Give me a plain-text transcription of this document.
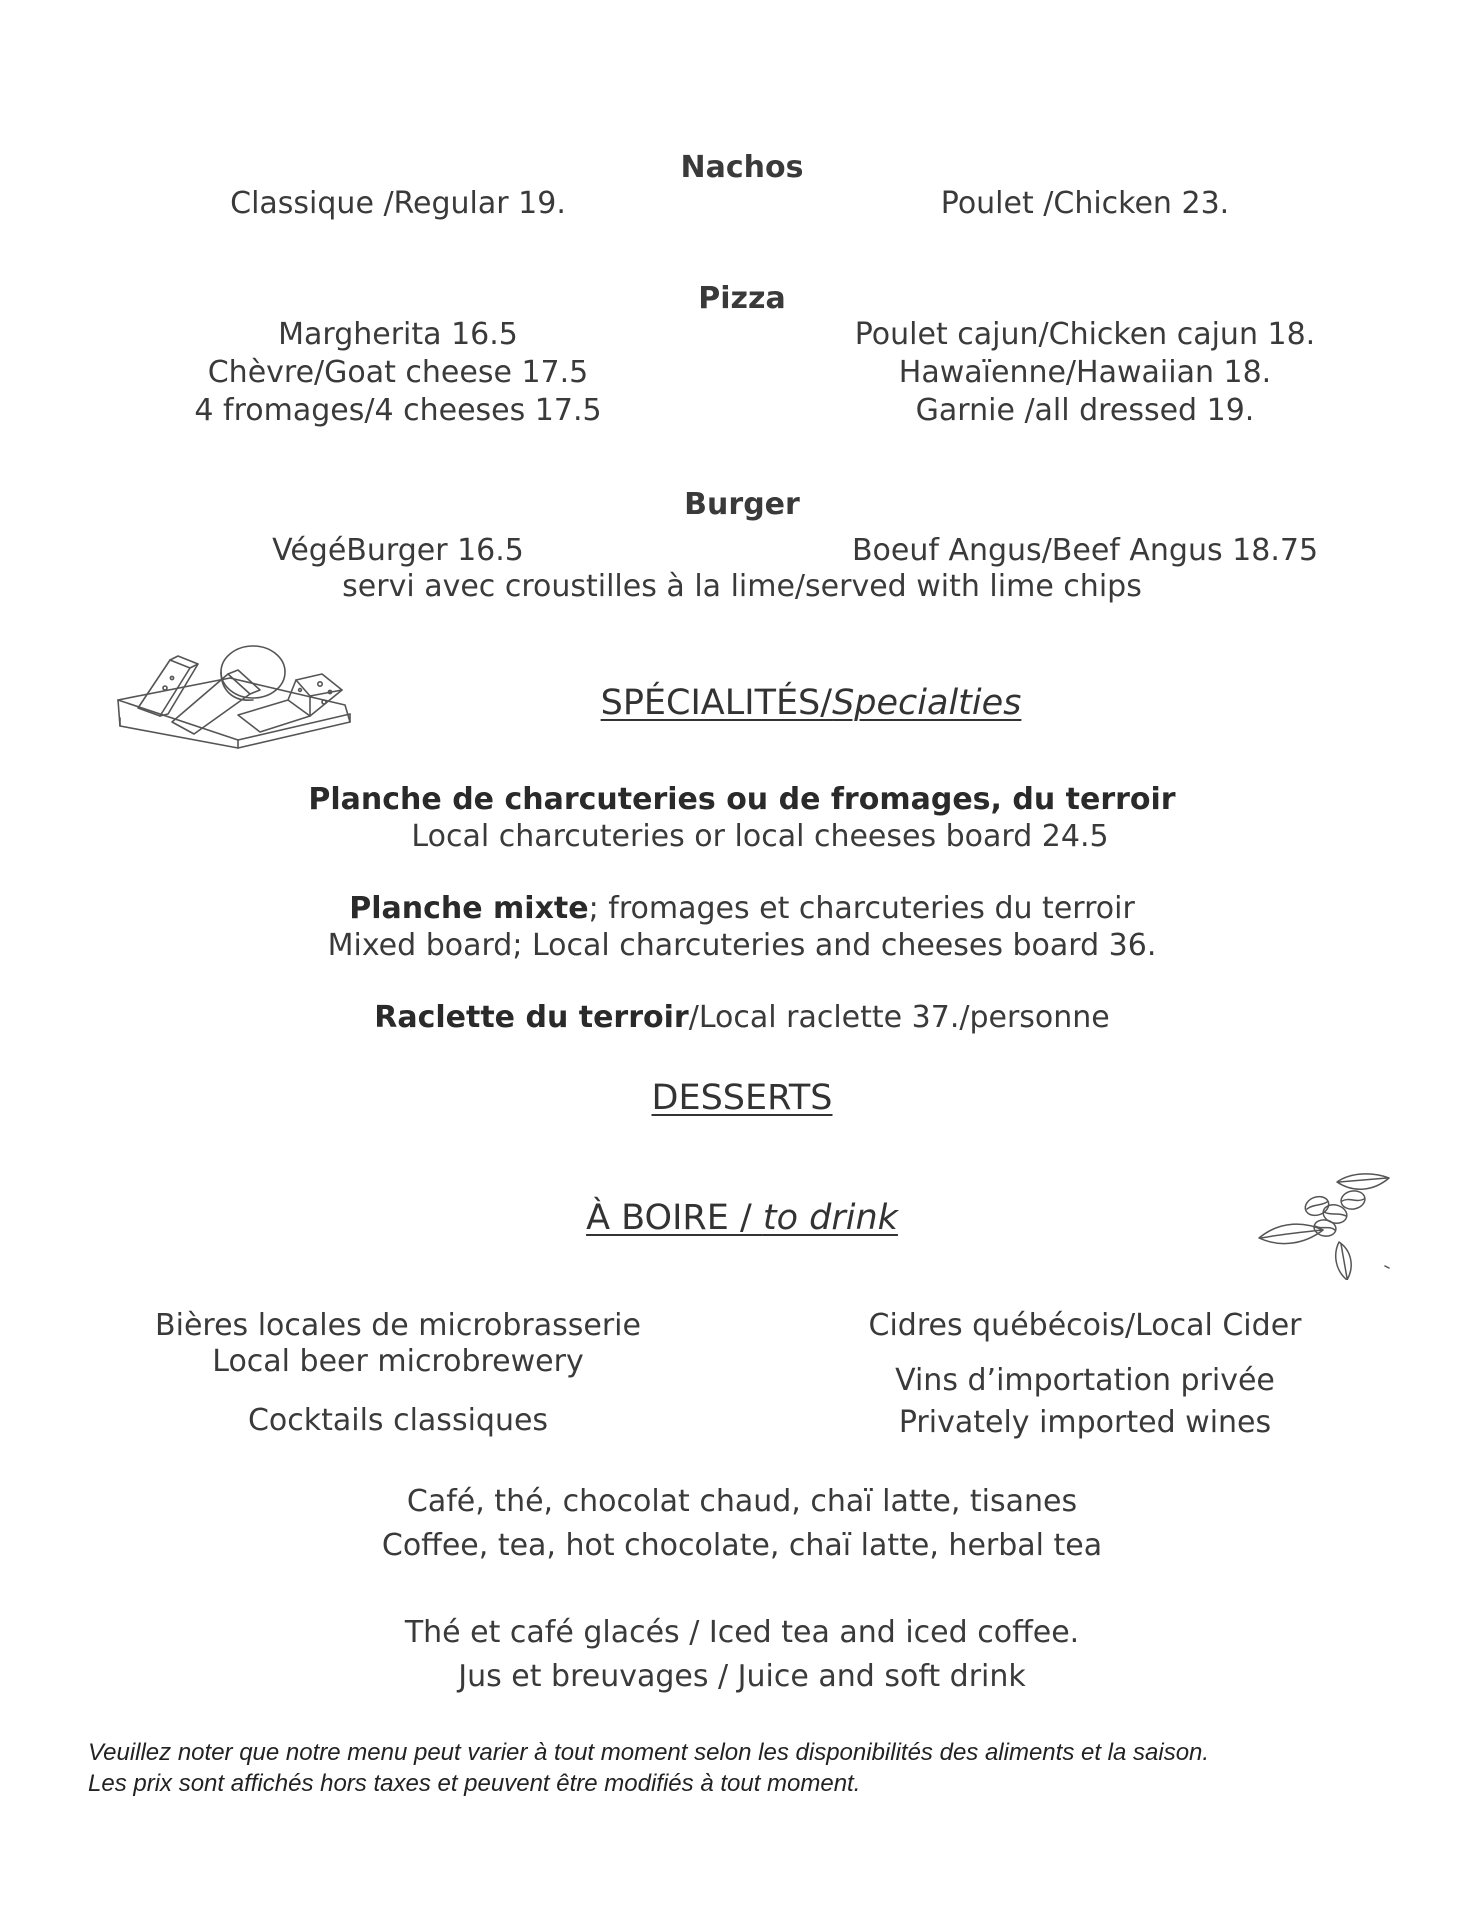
Nachos
Classique /Regular 19.	Poulet /Chicken 23.
Pizza
Margherita 16.5
Chèvre/Goat cheese 17.5
4 fromages/4 cheeses 17.5
Poulet cajun/Chicken cajun 18.
Hawaïenne/Hawaiian 18.
Garnie /all dressed 19.
Burger
VégéBurger 16.5	Boeuf Angus/Beef Angus 18.75
servi avec croustilles à la lime/served with lime chips
SPÉCIALITÉS/Specialties
Planche de charcuteries ou de fromages, du terroir
Local charcuteries or local cheeses board 24.5
Planche mixte; fromages et charcuteries du terroir
Mixed board; Local charcuteries and cheeses board 36.
Raclette du terroir/Local raclette 37./personne
DESSERTS
À BOIRE / to drink
Bières locales de microbrasserie
Local beer microbrewery
Cocktails classiques
Cidres québécois/Local Cider
Vins d’importation privée
Privately imported wines
Café, thé, chocolat chaud, chaï latte, tisanes
Coffee, tea, hot chocolate, chaï latte, herbal tea
Thé et café glacés / Iced tea and iced coffee.
Jus et breuvages / Juice and soft drink
Veuillez noter que notre menu peut varier à tout moment selon les disponibilités des aliments et la saison.
Les prix sont affichés hors taxes et peuvent être modifiés à tout moment.
